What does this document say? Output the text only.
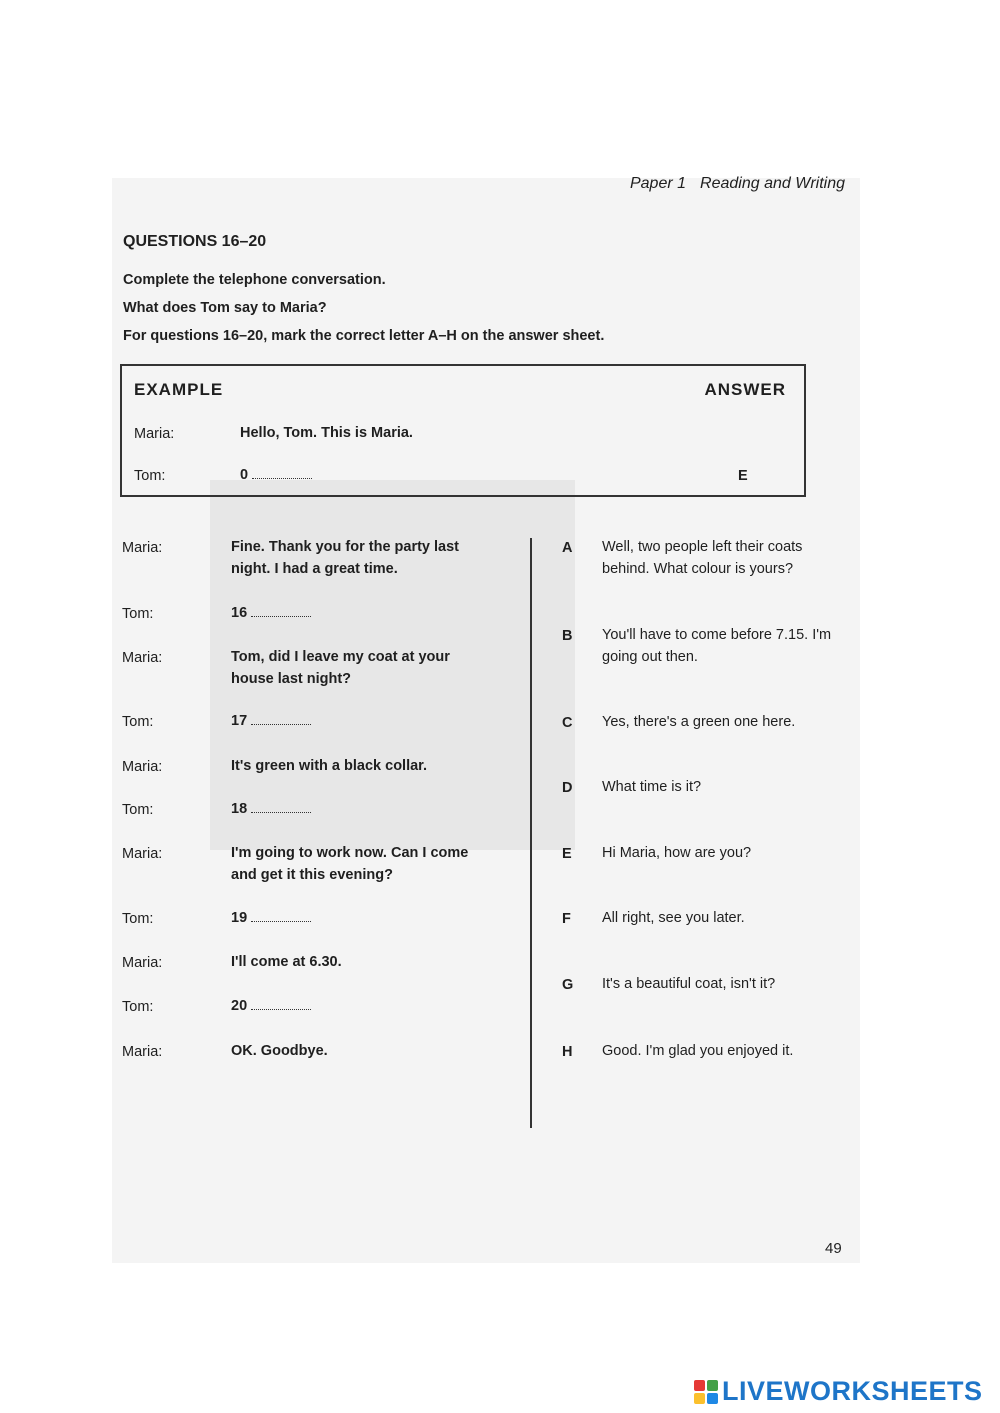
Paper 1 Reading and Writing
QUESTIONS 16–20
Complete the telephone conversation.
What does Tom say to Maria?
For questions 16–20, mark the correct letter A–H on the answer sheet.
EXAMPLE	ANSWER
Maria:	Hello, Tom. This is Maria.
Tom:	0	E
Maria:	Fine. Thank you for the party last night. I had a great time.
Tom:	16
Maria:	Tom, did I leave my coat at your house last night?
Tom:	17
Maria:	It's green with a black collar.
Tom:	18
Maria:	I'm going to work now. Can I come and get it this evening?
Tom:	19
Maria:	I'll come at 6.30.
Tom:	20
Maria:	OK. Goodbye.
A Well, two people left their coats behind. What colour is yours?
B You'll have to come before 7.15. I'm going out then.
C Yes, there's a green one here.
D What time is it?
E Hi Maria, how are you?
F All right, see you later.
G It's a beautiful coat, isn't it?
H Good. I'm glad you enjoyed it.
49
LIVEWORKSHEETS
